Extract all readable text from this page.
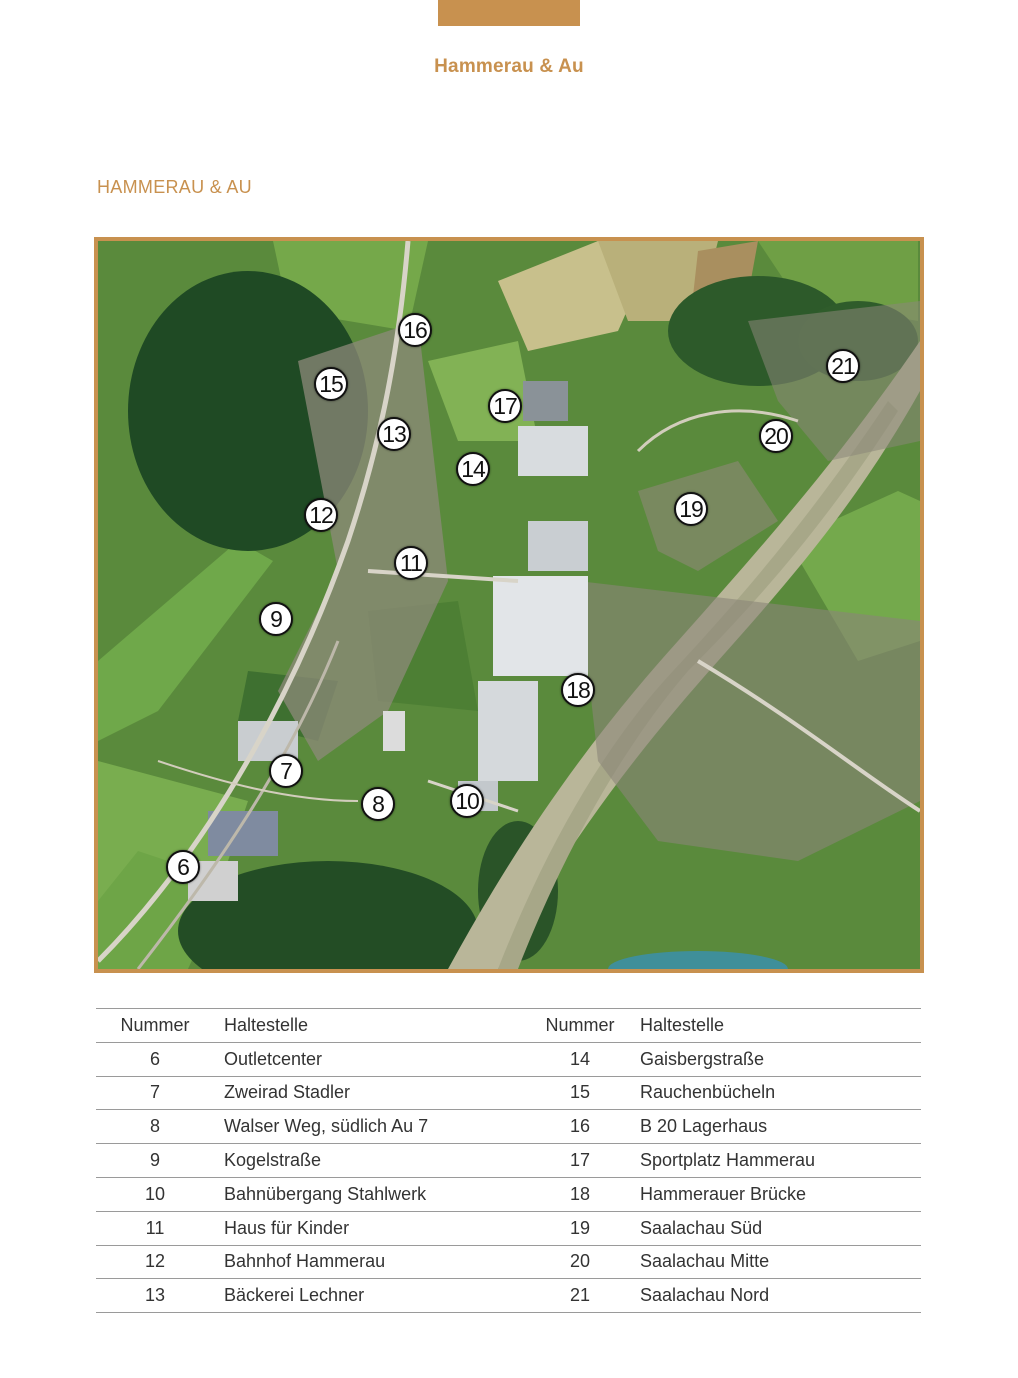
Hammerau & Au
HAMMERAU & AU
16
15
17
21
13	20
14
19
12
11
9
18
7
8	10
6
Nummer	Haltestelle	Nummer	Haltestelle
6	Outletcenter	14	Gaisbergstraße
7	Zweirad Stadler	15	Rauchenbücheln
8	Walser Weg, südlich Au 7	16	B 20 Lagerhaus
9	Kogelstraße	17	Sportplatz Hammerau
10	Bahnübergang Stahlwerk	18	Hammerauer Brücke
11	Haus für Kinder	19	Saalachau Süd
12	Bahnhof Hammerau	20	Saalachau Mitte
13	Bäckerei Lechner	21	Saalachau Nord
